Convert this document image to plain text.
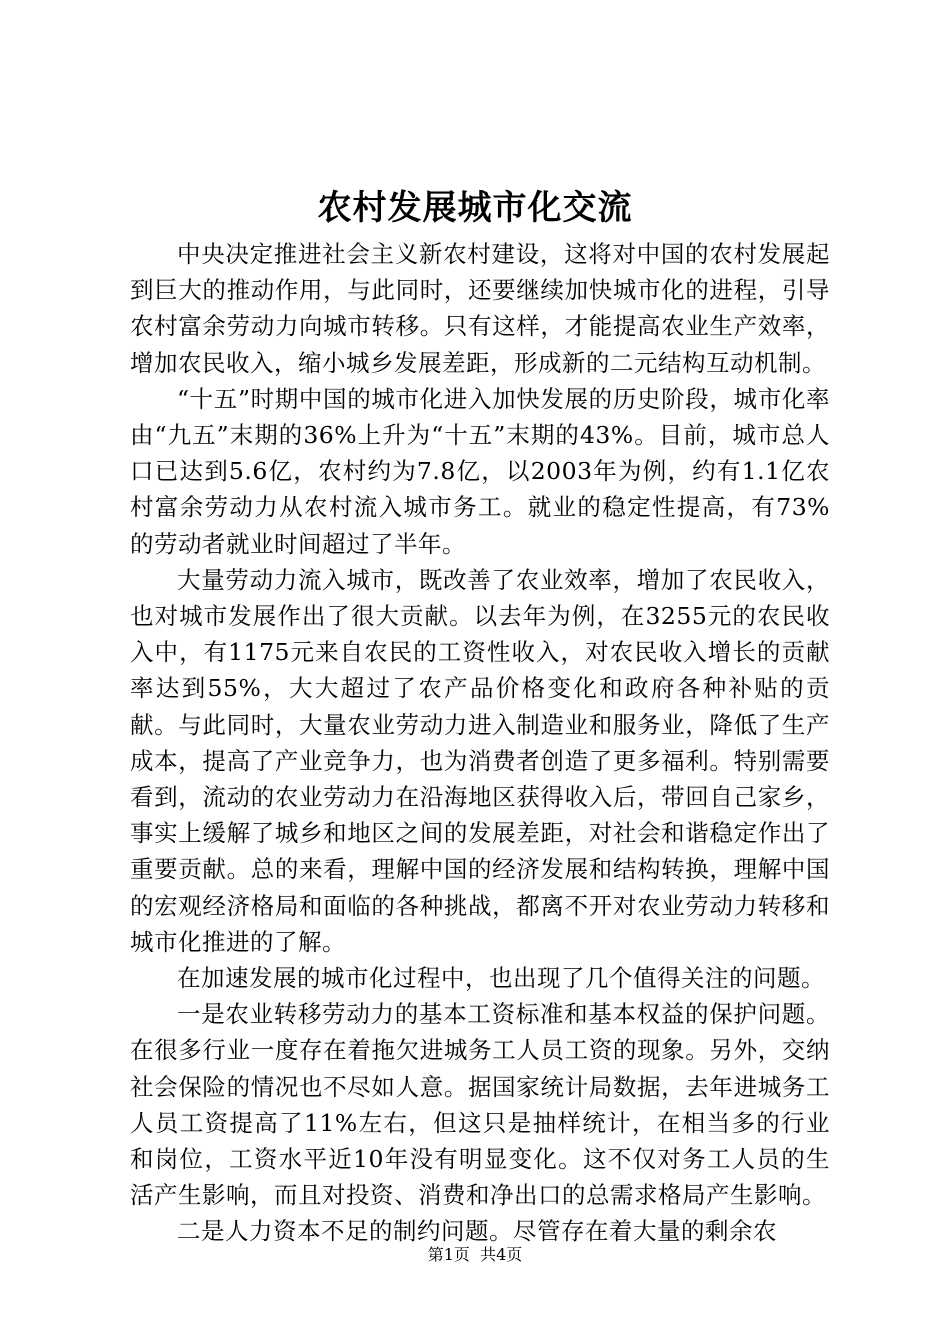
农村发展城市化交流

中央决定推进社会主义新农村建设，这将对中国的农村发展起到巨大的推动作用，与此同时，还要继续加快城市化的进程，引导农村富余劳动力向城市转移。只有这样，才能提高农业生产效率，增加农民收入，缩小城乡发展差距，形成新的二元结构互动机制。

“十五”时期中国的城市化进入加快发展的历史阶段，城市化率由“九五”末期的36%上升为“十五”末期的43%。目前，城市总人口已达到5.6亿，农村约为7.8亿，以2003年为例，约有1.1亿农村富余劳动力从农村流入城市务工。就业的稳定性提高，有73%的劳动者就业时间超过了半年。

大量劳动力流入城市，既改善了农业效率，增加了农民收入，也对城市发展作出了很大贡献。以去年为例，在3255元的农民收入中，有1175元来自农民的工资性收入，对农民收入增长的贡献率达到55%，大大超过了农产品价格变化和政府各种补贴的贡献。与此同时，大量农业劳动力进入制造业和服务业，降低了生产成本，提高了产业竞争力，也为消费者创造了更多福利。特别需要看到，流动的农业劳动力在沿海地区获得收入后，带回自己家乡，事实上缓解了城乡和地区之间的发展差距，对社会和谐稳定作出了重要贡献。总的来看，理解中国的经济发展和结构转换，理解中国的宏观经济格局和面临的各种挑战，都离不开对农业劳动力转移和城市化推进的了解。

在加速发展的城市化过程中，也出现了几个值得关注的问题。

一是农业转移劳动力的基本工资标准和基本权益的保护问题。在很多行业一度存在着拖欠进城务工人员工资的现象。另外，交纳社会保险的情况也不尽如人意。据国家统计局数据，去年进城务工人员工资提高了11%左右，但这只是抽样统计，在相当多的行业和岗位，工资水平近10年没有明显变化。这不仅对务工人员的生活产生影响，而且对投资、消费和净出口的总需求格局产生影响。

二是人力资本不足的制约问题。尽管存在着大量的剩余农

第1页  共4页
